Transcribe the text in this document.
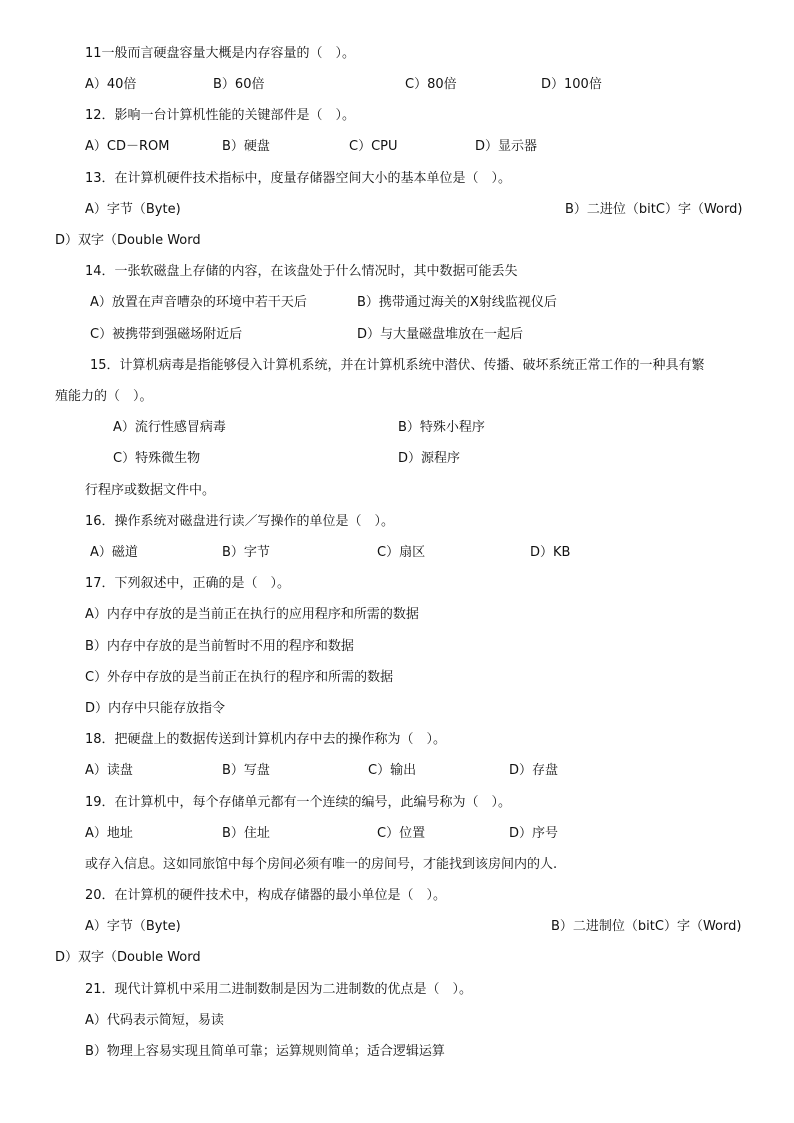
11一般而言硬盘容量大概是内存容量的（　）。
A）40倍	B）60倍	C）80倍	D）100倍
12．影响一台计算机性能的关键部件是（　）。
A）CD－ROM	B）硬盘	C）CPU	D）显示器
13．在计算机硬件技术指标中，度量存储器空间大小的基本单位是（　）。
A）字节（Byte)	B）二进位（bitC）字（Word)
D）双字（Double Word
14．一张软磁盘上存储的内容，在该盘处于什么情况时，其中数据可能丢失
A）放置在声音嘈杂的环境中若干天后	B）携带通过海关的X射线监视仪后
C）被携带到强磁场附近后	D）与大量磁盘堆放在一起后
15．计算机病毒是指能够侵入计算机系统，并在计算机系统中潜伏、传播、破坏系统正常工作的一种具有繁
殖能力的（　）。
A）流行性感冒病毒	B）特殊小程序
C）特殊微生物	D）源程序
行程序或数据文件中。
16．操作系统对磁盘进行读／写操作的单位是（　）。
A）磁道	B）字节	C）扇区	D）KB
17．下列叙述中，正确的是（　）。
A）内存中存放的是当前正在执行的应用程序和所需的数据
B）内存中存放的是当前暂时不用的程序和数据
C）外存中存放的是当前正在执行的程序和所需的数据
D）内存中只能存放指令
18．把硬盘上的数据传送到计算机内存中去的操作称为（　）。
A）读盘	B）写盘	C）输出	D）存盘
19．在计算机中，每个存储单元都有一个连续的编号，此编号称为（　）。
A）地址	B）住址	C）位置	D）序号
或存入信息。这如同旅馆中每个房间必须有唯一的房间号，才能找到该房间内的人.
20．在计算机的硬件技术中，构成存储器的最小单位是（　）。
A）字节（Byte)	B）二进制位（bitC）字（Word)
D）双字（Double Word
21．现代计算机中采用二进制数制是因为二进制数的优点是（　）。
A）代码表示简短，易读
B）物理上容易实现且简单可靠；运算规则简单；适合逻辑运算
